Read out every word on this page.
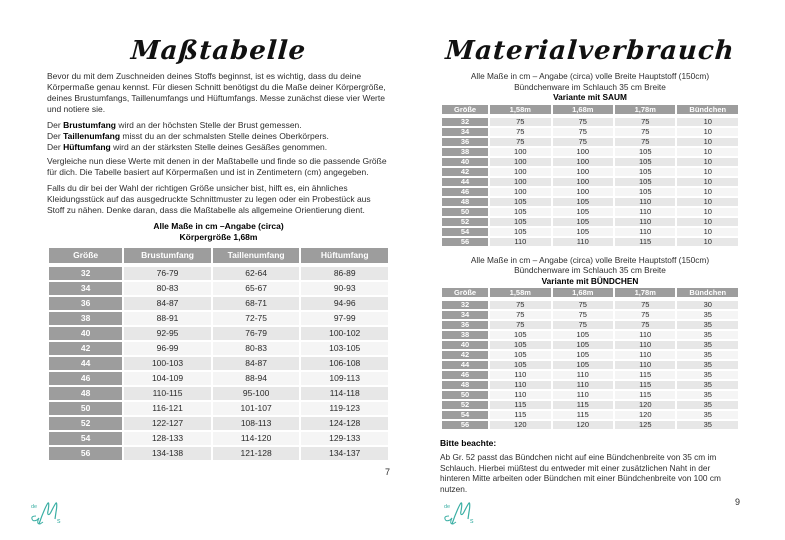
Maßtabelle

Bevor du mit dem Zuschneiden deines Stoffs beginnst, ist es wichtig, dass du deine Körpermaße genau kennst. Für diesen Schnitt benötigst du die Maße deiner Körpergröße, deines Brustumfangs, Taillenumfangs und Hüftumfangs. Messe zunächst diese vier Werte und notiere sie.

Der Brustumfang wird an der höchsten Stelle der Brust gemessen.
Der Taillenumfang misst du an der schmalsten Stelle deines Oberkörpers.
Der Hüftumfang wird an der stärksten Stelle deines Gesäßes genommen.

Vergleiche nun diese Werte mit denen in der Maßtabelle und finde so die passende Größe für dich. Die Tabelle basiert auf Körpermaßen und ist in Zentimetern (cm) angegeben.

Falls du dir bei der Wahl der richtigen Größe unsicher bist, hilft es, ein ähnliches Kleidungsstück auf das ausgedruckte Schnittmuster zu legen oder ein Probestück aus Stoff zu nähen. Denke daran, dass die Maßtabelle als allgemeine Orientierung dient.

Alle Maße in cm –Angabe (circa)
Körpergröße 1,68m
Größe	Brustumfang	Taillenumfang	Hüftumfang
32	76-79	62-64	86-89
34	80-83	65-67	90-93
36	84-87	68-71	94-96
38	88-91	72-75	97-99
40	92-95	76-79	100-102
42	96-99	80-83	103-105
44	100-103	84-87	106-108
46	104-109	88-94	109-113
48	110-115	95-100	114-118
50	116-121	101-107	119-123
52	122-127	108-113	124-128
54	128-133	114-120	129-133
56	134-138	121-128	134-137
7
Materialverbrauch
Alle Maße in cm – Angabe (circa) volle Breite Hauptstoff (150cm)
Bündchenware im Schlauch 35 cm Breite
Variante mit SAUM
Größe	1,58m	1,68m	1,78m	Bündchen
32	75	75	75	10
34	75	75	75	10
36	75	75	75	10
38	100	100	105	10
40	100	100	105	10
42	100	100	105	10
44	100	100	105	10
46	100	100	105	10
48	105	105	110	10
50	105	105	110	10
52	105	105	110	10
54	105	105	110	10
56	110	110	115	10
Alle Maße in cm – Angabe (circa) volle Breite Hauptstoff (150cm)
Bündchenware im Schlauch 35 cm Breite
Variante mit BÜNDCHEN
Größe	1,58m	1,68m	1,78m	Bündchen
32	75	75	75	30
34	75	75	75	35
36	75	75	75	35
38	105	105	110	35
40	105	105	110	35
42	105	105	110	35
44	105	105	110	35
46	110	110	115	35
48	110	110	115	35
50	110	110	115	35
52	115	115	120	35
54	115	115	120	35
56	120	120	125	35
Bitte beachte:

Ab Gr. 52 passt das Bündchen nicht auf eine Bündchenbreite von 35 cm im Schlauch. Hierbei müßtest du entweder mit einer zusätzlichen Naht in der hinteren Mitte arbeiten oder Bündchen mit einer Bündchenbreite von 100 cm nutzen.

9
de
s
de
s
